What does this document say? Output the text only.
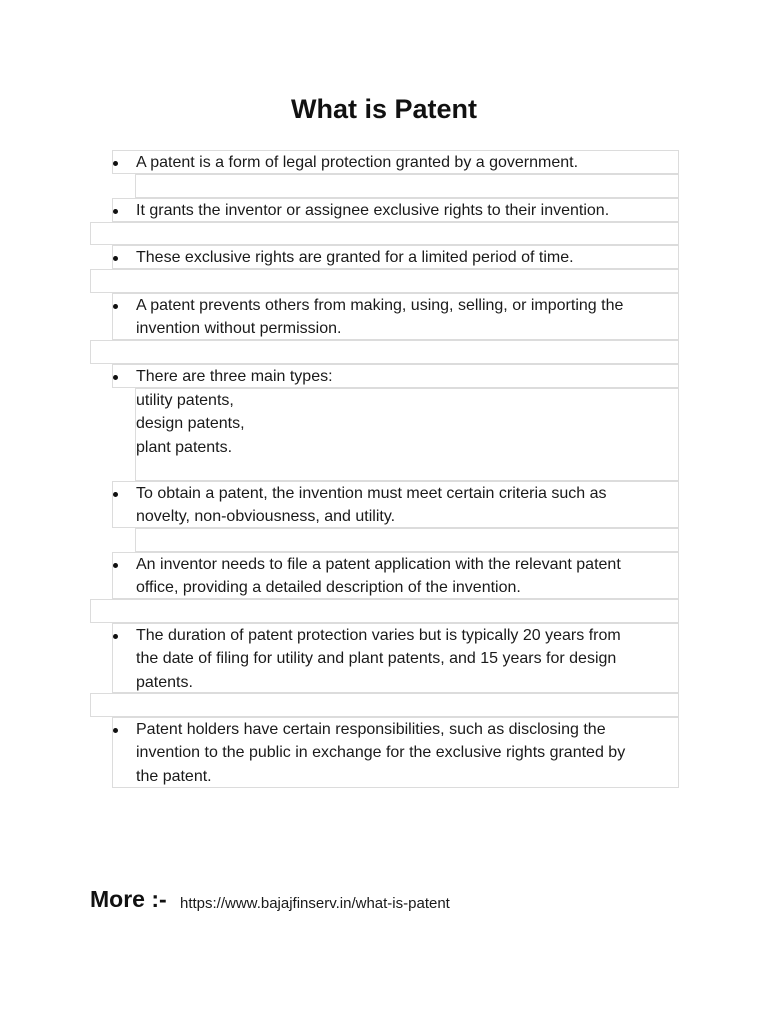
What is Patent
A patent is a form of legal protection granted by a government.
It grants the inventor or assignee exclusive rights to their invention.
These exclusive rights are granted for a limited period of time.
A patent prevents others from making, using, selling, or importing the
invention without permission.
There are three main types:
utility patents,
design patents,
plant patents.
To obtain a patent, the invention must meet certain criteria such as
novelty, non-obviousness, and utility.
An inventor needs to file a patent application with the relevant patent
office, providing a detailed description of the invention.
The duration of patent protection varies but is typically 20 years from
the date of filing for utility and plant patents, and 15 years for design
patents.
Patent holders have certain responsibilities, such as disclosing the
invention to the public in exchange for the exclusive rights granted by
the patent.
More :- https://www.bajajfinserv.in/what-is-patent
